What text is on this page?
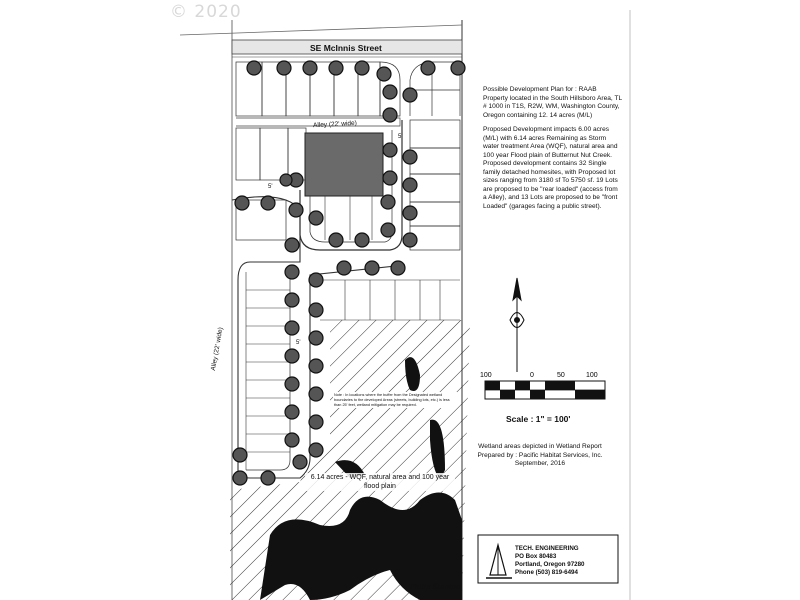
100	0	50	100
© 2020
SE McInnis Street
Alley (22' wide)
Alley (22' wide)
5'
5'
5'

Possible Development Plan for : RAAB Property located in the South Hillsboro Area, TL # 1000 in T1S, R2W, WM, Washington County, Oregon containing 12. 14 acres (M/L)

Proposed Development impacts 6.00 acres (M/L) with 6.14 acres Remaining as Storm water treatment Area (WQF), natural area and 100 year Flood plain of Butternut Nut Creek. Proposed development contains 32 Single family detached homesites, with Proposed lot sizes ranging from 3180 sf To 5750 sf. 19 Lots are proposed to be "rear loaded" (access from a Alley), and 13 Lots are proposed to be "front Loaded" (garages facing a public street).

Scale : 1" = 100'
Wetland areas depicted in Wetland Report Prepared by : Pacific Habitat Services, Inc. September, 2016
Note : In locations where the buffer from the Designated wetland boundaries to the developed Areas (streets, building lots, etc.) is less than 25' feet, wetland mitigation may be required.
6.14 acres - WQF, natural area and 100 year flood plain
TECH. ENGINEERING
PO Box 80483
Portland, Oregon 97280
Phone (503) 819-6494
Philip Stanton
